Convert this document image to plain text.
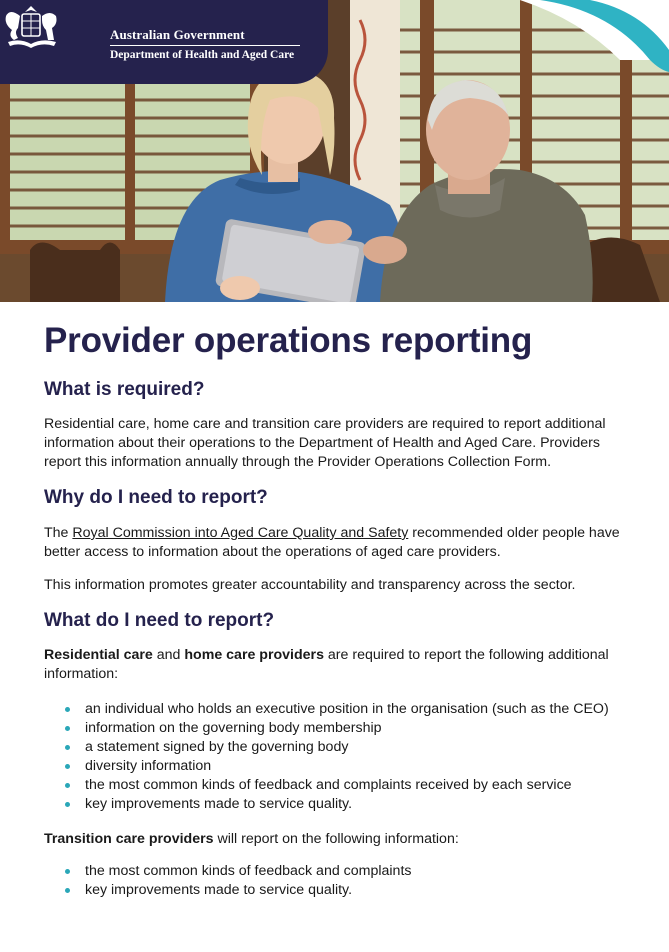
Australian Government
Department of Health and Aged Care
Provider operations reporting
What is required?

Residential care, home care and transition care providers are required to report additional information about their operations to the Department of Health and Aged Care. Providers report this information annually through the Provider Operations Collection Form.

Why do I need to report?

The Royal Commission into Aged Care Quality and Safety recommended older people have better access to information about the operations of aged care providers.

This information promotes greater accountability and transparency across the sector.

What do I need to report?

Residential care and home care providers are required to report the following additional information:

an individual who holds an executive position in the organisation (such as the CEO)
information on the governing body membership
a statement signed by the governing body
diversity information
the most common kinds of feedback and complaints received by each service
key improvements made to service quality.

Transition care providers will report on the following information:

the most common kinds of feedback and complaints
key improvements made to service quality.
